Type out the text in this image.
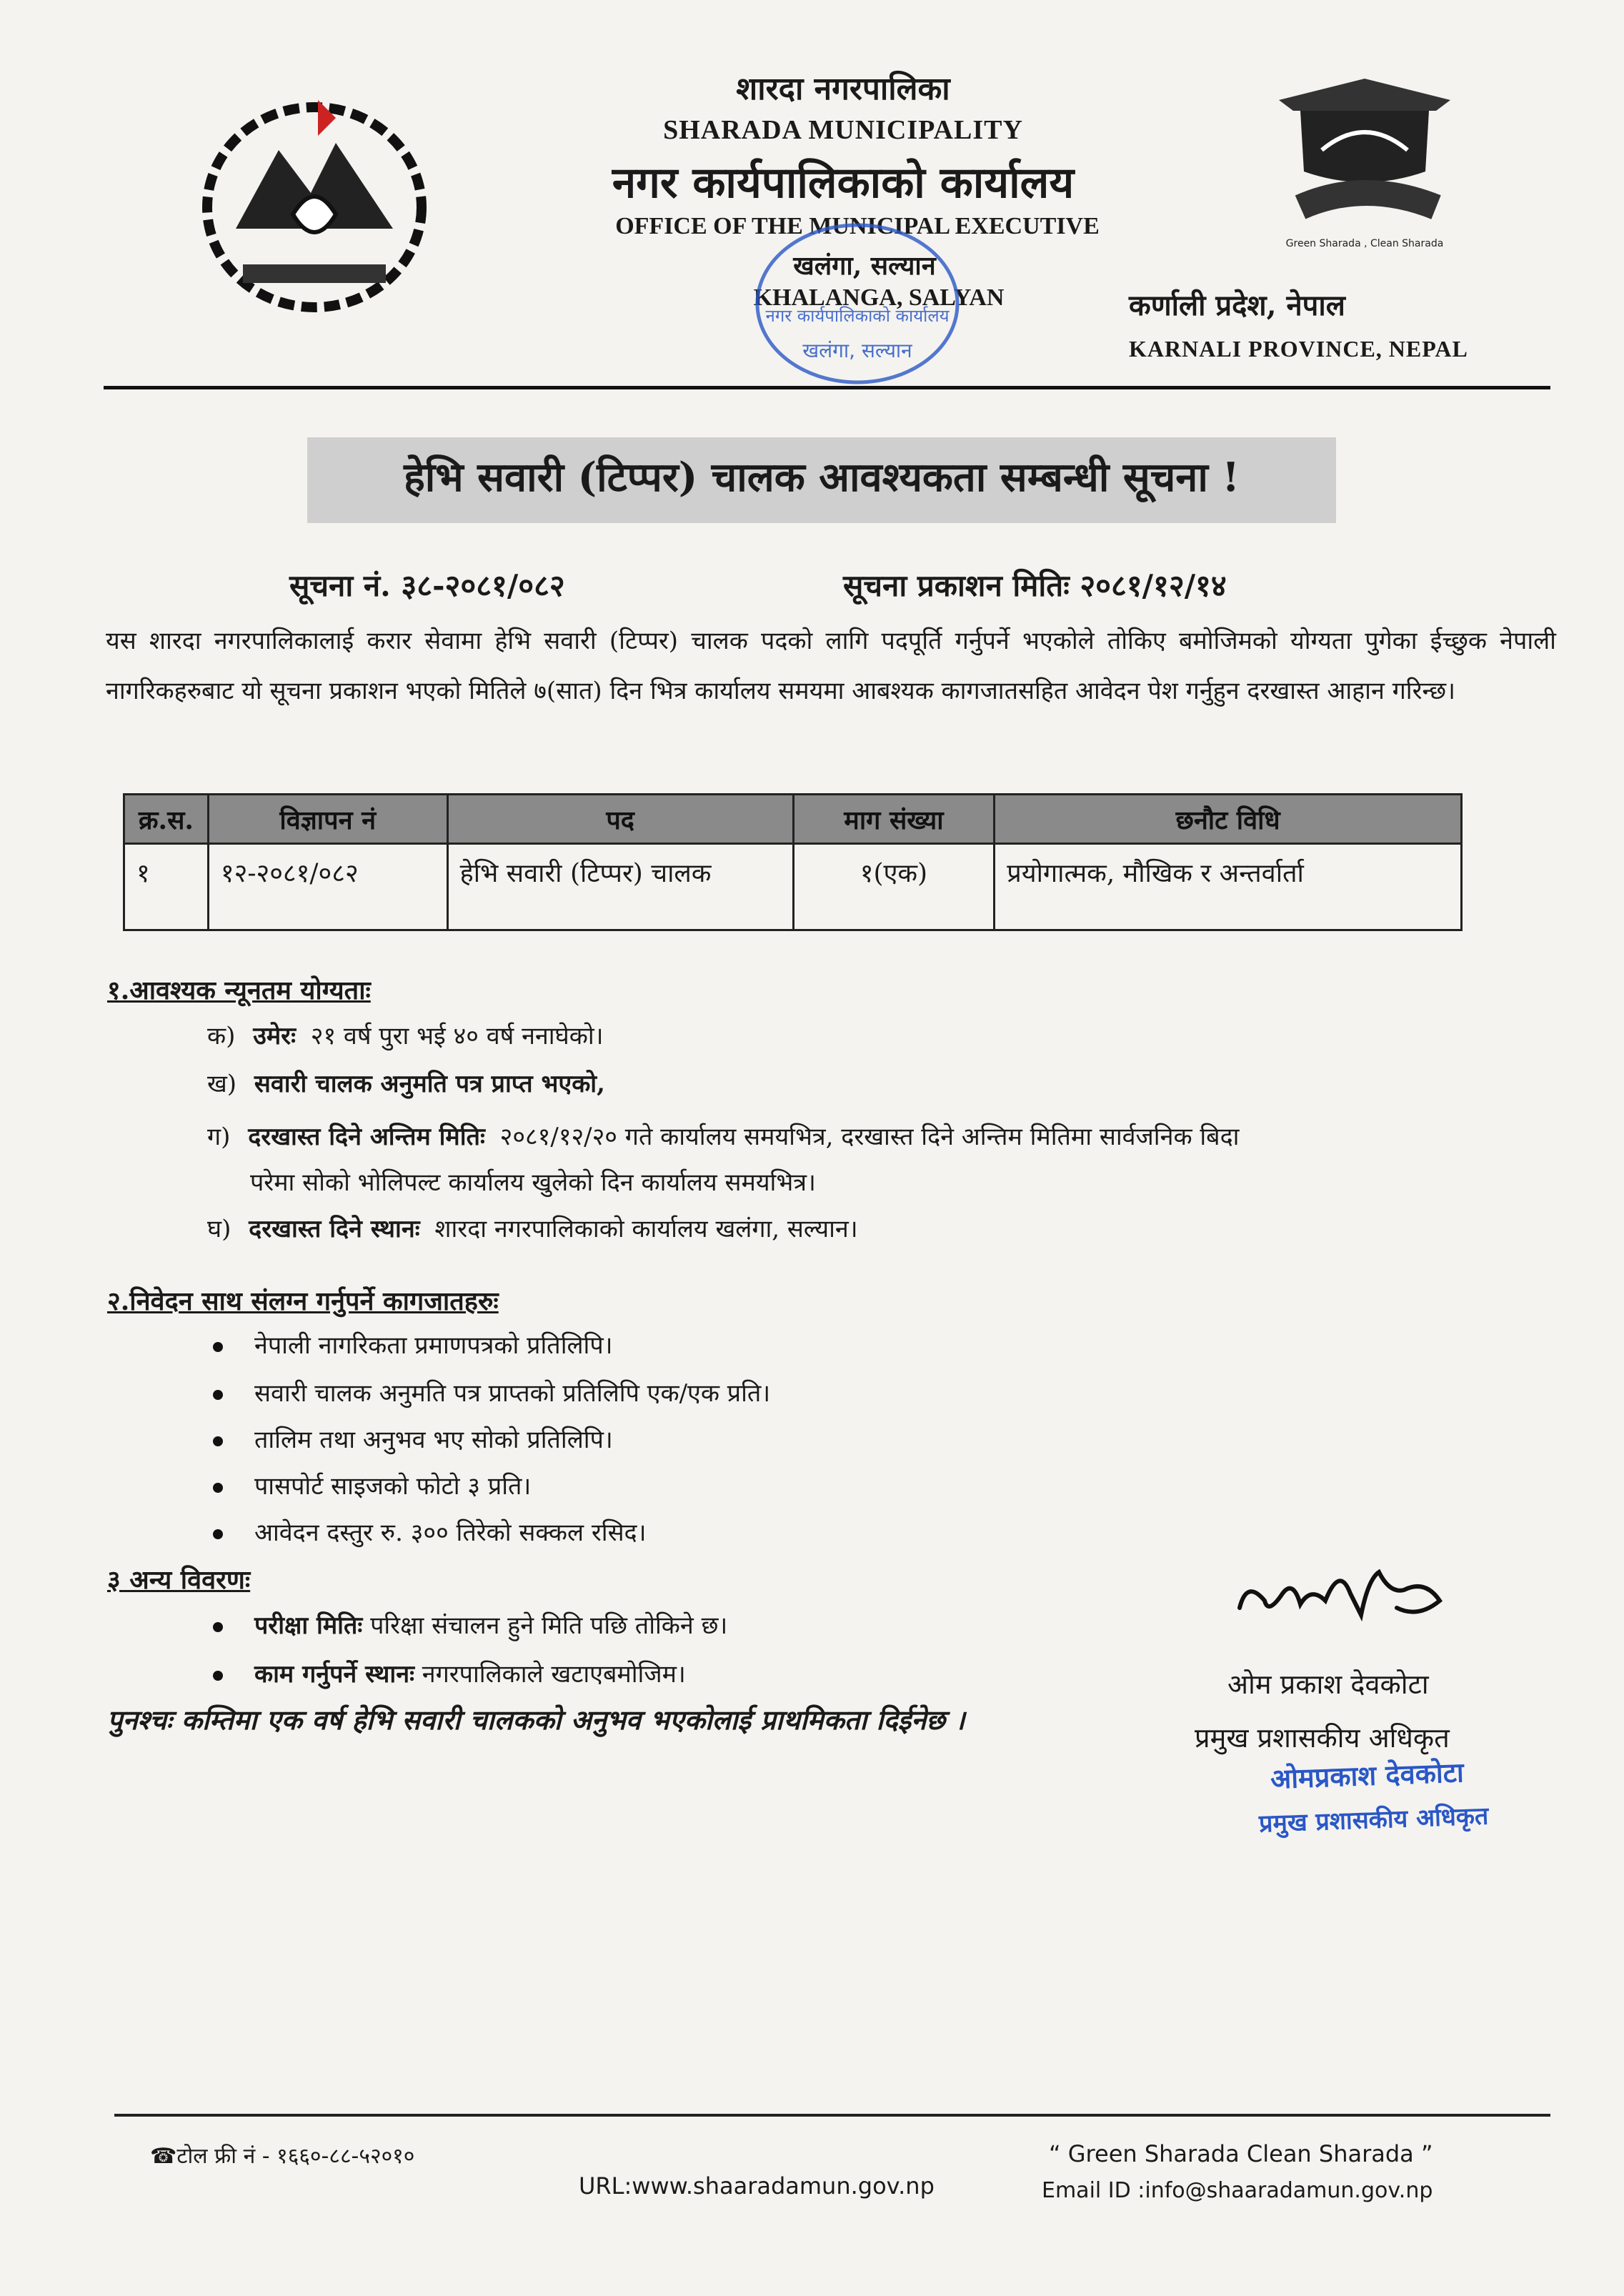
Green Sharada , Clean Sharada
शारदा नगरपालिका
SHARADA MUNICIPALITY
नगर कार्यपालिकाको कार्यालय
OFFICE OF THE MUNICIPAL EXECUTIVE
खलंगा, सल्यान
KHALANGA, SALYAN	कर्णाली प्रदेश, नेपाल
KARNALI PROVINCE, NEPAL
नगर कार्यपालिकाको कार्यालय
खलंगा, सल्यान
हेभि सवारी (टिप्पर) चालक आवश्यकता सम्बन्धी सूचना !
सूचना नं. ३८-२०८१/०८२	सूचना प्रकाशन मितिः २०८१/१२/१४
यस शारदा नगरपालिकालाई करार सेवामा हेभि सवारी (टिप्पर) चालक पदको लागि पदपूर्ति गर्नुपर्ने भएकोले तोकिए बमोजिमको योग्यता पुगेका ईच्छुक नेपाली नागरिकहरुबाट यो सूचना प्रकाशन भएको मितिले ७(सात) दिन भित्र कार्यालय समयमा आबश्यक कागजातसहित आवेदन पेश गर्नुहुन दरखास्त आहान गरिन्छ।
क्र.स.	विज्ञापन नं	पद	माग संख्या	छनौट विधि
१	१२-२०८१/०८२	हेभि सवारी (टिप्पर) चालक	१(एक)	प्रयोगात्मक, मौखिक र अन्तर्वार्ता
१.आवश्यक न्यूनतम योग्यताः
क) उमेरः २१ वर्ष पुरा भई ४० वर्ष ननाघेको।
ख) सवारी चालक अनुमति पत्र प्राप्त भएको,
ग) दरखास्त दिने अन्तिम मितिः २०८१/१२/२० गते कार्यालय समयभित्र, दरखास्त दिने अन्तिम मितिमा सार्वजनिक बिदा
परेमा सोको भोलिपल्ट कार्यालय खुलेको दिन कार्यालय समयभित्र।
घ) दरखास्त दिने स्थानः शारदा नगरपालिकाको कार्यालय खलंगा, सल्यान।
२.निवेदन साथ संलग्न गर्नुपर्ने कागजातहरुः
नेपाली नागरिकता प्रमाणपत्रको प्रतिलिपि।
सवारी चालक अनुमति पत्र प्राप्तको प्रतिलिपि एक/एक प्रति।
तालिम तथा अनुभव भए सोको प्रतिलिपि।
पासपोर्ट साइजको फोटो ३ प्रति।
आवेदन दस्तुर रु. ३०० तिरेको सक्कल रसिद।
३ अन्य विवरणः
परीक्षा मितिः परिक्षा संचालन हुने मिति पछि तोकिने छ।
काम गर्नुपर्ने स्थानः नगरपालिकाले खटाएबमोजिम।
पुनश्चः कम्तिमा एक वर्ष हेभि सवारी चालकको अनुभव भएकोलाई प्राथमिकता दिईनेछ ।
ओम प्रकाश देवकोटा
प्रमुख प्रशासकीय अधिकृत
ओमप्रकाश देवकोटा
प्रमुख प्रशासकीय अधिकृत
☎टोल फ्री नं - १६६०-८८-५२०१०
URL:www.shaaradamun.gov.np
“ Green Sharada Clean Sharada ”
Email ID :info@shaaradamun.gov.np
